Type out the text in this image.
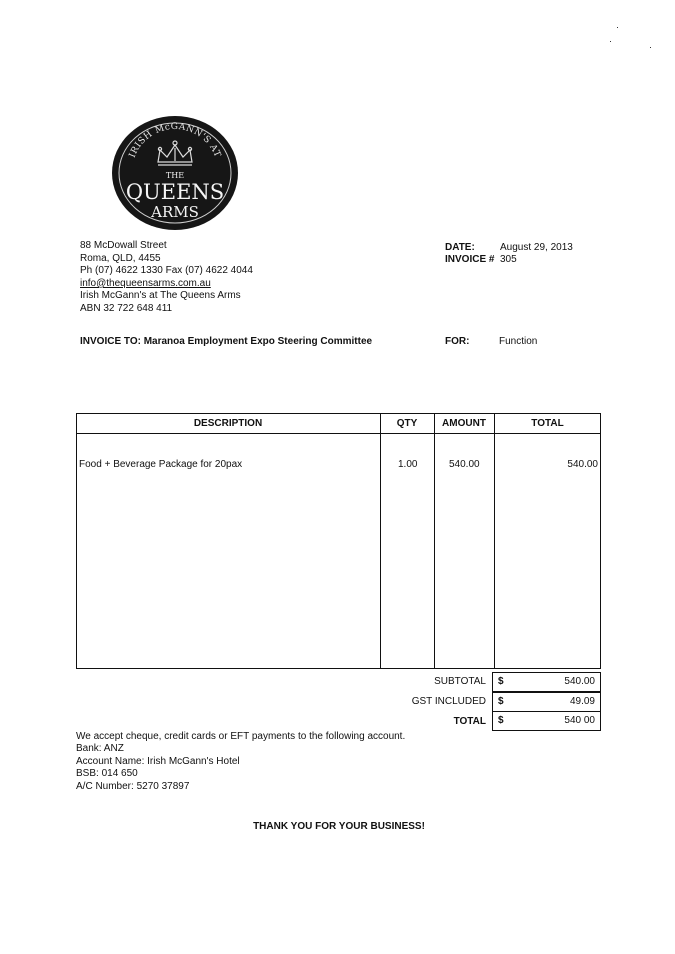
IRISH McGANN'S AT
THE
QUEENS
ARMS
88 McDowall Street
Roma, QLD, 4455
Ph (07) 4622 1330 Fax (07) 4622 4044
info@thequeensarms.com.au
Irish McGann's at The Queens Arms
ABN 32 722 648 411
DATE:	August 29, 2013
INVOICE # 305
INVOICE TO: Maranoa Employment Expo Steering Committee	FOR:	Function
DESCRIPTION	QTY	AMOUNT	TOTAL
Food + Beverage Package for 20pax	1.00	540.00	540.00
SUBTOTAL $	540.00
GST INCLUDED $	49.09
TOTAL $	540 00
We accept cheque, credit cards or EFT payments to the following account.
Bank: ANZ
Account Name: Irish McGann's Hotel
BSB: 014 650
A/C Number: 5270 37897
THANK YOU FOR YOUR BUSINESS!
